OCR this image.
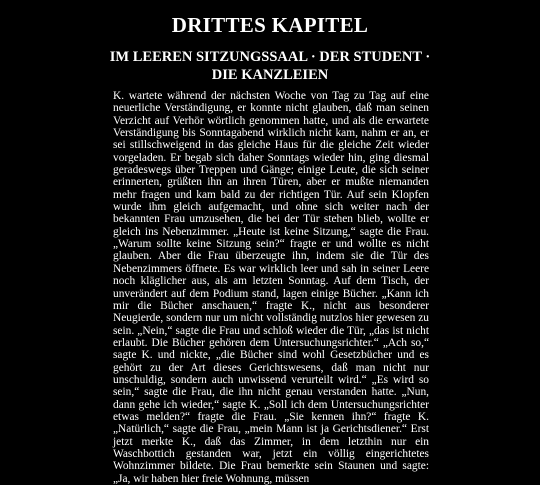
DRITTES KAPITEL
IM LEEREN SITZUNGSSAAL · DER STUDENT · DIE KANZLEIEN

K. wartete während der nächsten Woche von Tag zu Tag auf eine neuerliche Verständigung, er konnte nicht glauben, daß man seinen Verzicht auf Verhör wörtlich genommen hatte, und als die erwartete Verständigung bis Sonntagabend wirklich nicht kam, nahm er an, er sei stillschweigend in das gleiche Haus für die gleiche Zeit wieder vorgeladen. Er begab sich daher Sonntags wieder hin, ging diesmal geradeswegs über Treppen und Gänge; einige Leute, die sich seiner erinnerten, grüßten ihn an ihren Türen, aber er mußte niemanden mehr fragen und kam bald zu der richtigen Tür. Auf sein Klopfen wurde ihm gleich aufgemacht, und ohne sich weiter nach der bekannten Frau umzusehen, die bei der Tür stehen blieb, wollte er gleich ins Nebenzimmer. „Heute ist keine Sitzung,“ sagte die Frau. „Warum sollte keine Sitzung sein?“ fragte er und wollte es nicht glauben. Aber die Frau überzeugte ihn, indem sie die Tür des Nebenzimmers öffnete. Es war wirklich leer und sah in seiner Leere noch kläglicher aus, als am letzten Sonntag. Auf dem Tisch, der unverändert auf dem Podium stand, lagen einige Bücher. „Kann ich mir die Bücher anschauen,“ fragte K., nicht aus besonderer Neugierde, sondern nur um nicht vollständig nutzlos hier gewesen zu sein. „Nein,“ sagte die Frau und schloß wieder die Tür, „das ist nicht erlaubt. Die Bücher gehören dem Untersuchungsrichter.“ „Ach so,“ sagte K. und nickte, „die Bücher sind wohl Gesetzbücher und es gehört zu der Art dieses Gerichtswesens, daß man nicht nur unschuldig, sondern auch unwissend verurteilt wird.“ „Es wird so sein,“ sagte die Frau, die ihn nicht genau verstanden hatte. „Nun, dann gehe ich wieder,“ sagte K. „Soll ich dem Untersuchungsrichter etwas melden?“ fragte die Frau. „Sie kennen ihn?“ fragte K. „Natürlich,“ sagte die Frau, „mein Mann ist ja Gerichtsdiener.“ Erst jetzt merkte K., daß das Zimmer, in dem letzthin nur ein Waschbottich gestanden war, jetzt ein völlig eingerichtetes Wohnzimmer bildete. Die Frau bemerkte sein Staunen und sagte: „Ja, wir haben hier freie Wohnung, müssen
